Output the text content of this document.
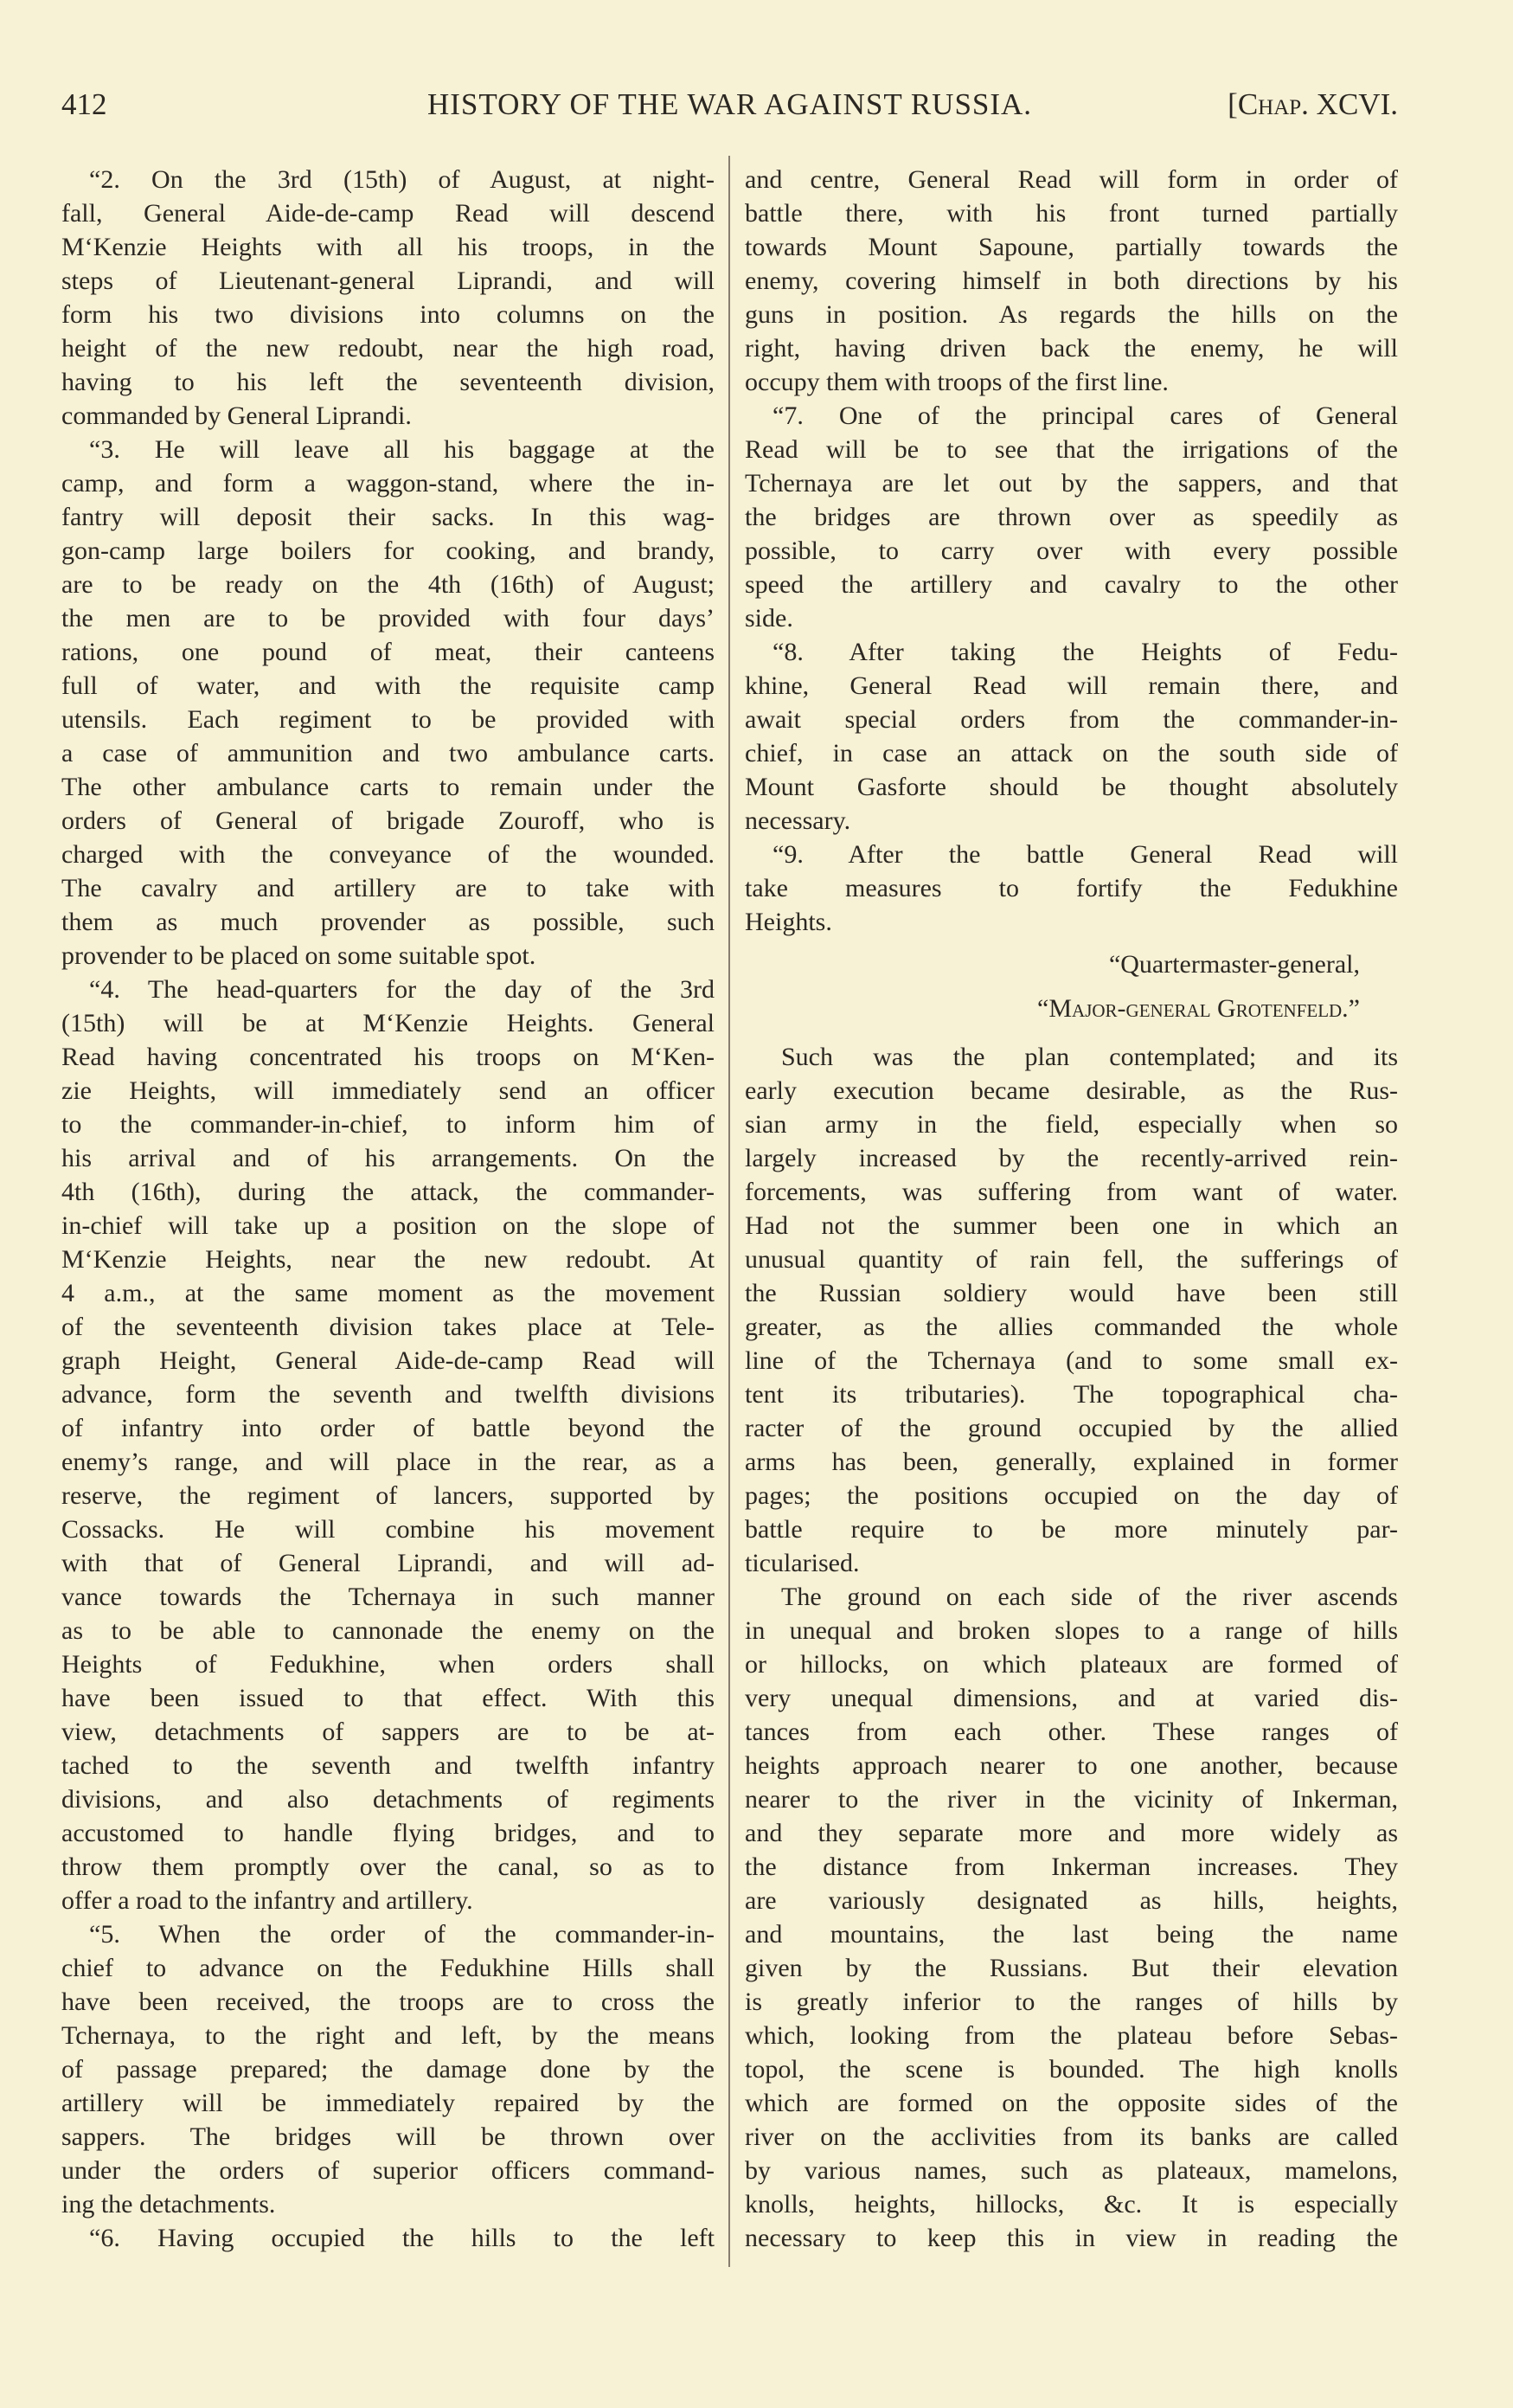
412	HISTORY OF THE WAR AGAINST RUSSIA.	[Chap. XCVI.
“2. On the 3rd (15th) of August, at night-
fall, General Aide-de-camp Read will descend
M‘Kenzie Heights with all his troops, in the
steps of Lieutenant-general Liprandi, and will
form his two divisions into columns on the
height of the new redoubt, near the high road,
having to his left the seventeenth division,
commanded by General Liprandi.
“3. He will leave all his baggage at the
camp, and form a waggon-stand, where the in-
fantry will deposit their sacks. In this wag-
gon-camp large boilers for cooking, and brandy,
are to be ready on the 4th (16th) of August;
the men are to be provided with four days’
rations, one pound of meat, their canteens
full of water, and with the requisite camp
utensils. Each regiment to be provided with
a case of ammunition and two ambulance carts.
The other ambulance carts to remain under the
orders of General of brigade Zouroff, who is
charged with the conveyance of the wounded.
The cavalry and artillery are to take with
them as much provender as possible, such
provender to be placed on some suitable spot.
“4. The head-quarters for the day of the 3rd
(15th) will be at M‘Kenzie Heights. General
Read having concentrated his troops on M‘Ken-
zie Heights, will immediately send an officer
to the commander-in-chief, to inform him of
his arrival and of his arrangements. On the
4th (16th), during the attack, the commander-
in-chief will take up a position on the slope of
M‘Kenzie Heights, near the new redoubt. At
4 a.m., at the same moment as the movement
of the seventeenth division takes place at Tele-
graph Height, General Aide-de-camp Read will
advance, form the seventh and twelfth divisions
of infantry into order of battle beyond the
enemy’s range, and will place in the rear, as a
reserve, the regiment of lancers, supported by
Cossacks. He will combine his movement
with that of General Liprandi, and will ad-
vance towards the Tchernaya in such manner
as to be able to cannonade the enemy on the
Heights of Fedukhine, when orders shall
have been issued to that effect. With this
view, detachments of sappers are to be at-
tached to the seventh and twelfth infantry
divisions, and also detachments of regiments
accustomed to handle flying bridges, and to
throw them promptly over the canal, so as to
offer a road to the infantry and artillery.
“5. When the order of the commander-in-
chief to advance on the Fedukhine Hills shall
have been received, the troops are to cross the
Tchernaya, to the right and left, by the means
of passage prepared; the damage done by the
artillery will be immediately repaired by the
sappers. The bridges will be thrown over
under the orders of superior officers command-
ing the detachments.
“6. Having occupied the hills to the left
and centre, General Read will form in order of
battle there, with his front turned partially
towards Mount Sapoune, partially towards the
enemy, covering himself in both directions by his
guns in position. As regards the hills on the
right, having driven back the enemy, he will
occupy them with troops of the first line.
“7. One of the principal cares of General
Read will be to see that the irrigations of the
Tchernaya are let out by the sappers, and that
the bridges are thrown over as speedily as
possible, to carry over with every possible
speed the artillery and cavalry to the other
side.
“8. After taking the Heights of Fedu-
khine, General Read will remain there, and
await special orders from the commander-in-
chief, in case an attack on the south side of
Mount Gasforte should be thought absolutely
necessary.
“9. After the battle General Read will
take measures to fortify the Fedukhine
Heights.
“Quartermaster-general,
“Major-general Grotenfeld.”
Such was the plan contemplated; and its
early execution became desirable, as the Rus-
sian army in the field, especially when so
largely increased by the recently-arrived rein-
forcements, was suffering from want of water.
Had not the summer been one in which an
unusual quantity of rain fell, the sufferings of
the Russian soldiery would have been still
greater, as the allies commanded the whole
line of the Tchernaya (and to some small ex-
tent its tributaries). The topographical cha-
racter of the ground occupied by the allied
arms has been, generally, explained in former
pages; the positions occupied on the day of
battle require to be more minutely par-
ticularised.
The ground on each side of the river ascends
in unequal and broken slopes to a range of hills
or hillocks, on which plateaux are formed of
very unequal dimensions, and at varied dis-
tances from each other. These ranges of
heights approach nearer to one another, because
nearer to the river in the vicinity of Inkerman,
and they separate more and more widely as
the distance from Inkerman increases. They
are variously designated as hills, heights,
and mountains, the last being the name
given by the Russians. But their elevation
is greatly inferior to the ranges of hills by
which, looking from the plateau before Sebas-
topol, the scene is bounded. The high knolls
which are formed on the opposite sides of the
river on the acclivities from its banks are called
by various names, such as plateaux, mamelons,
knolls, heights, hillocks, &c. It is especially
necessary to keep this in view in reading the
